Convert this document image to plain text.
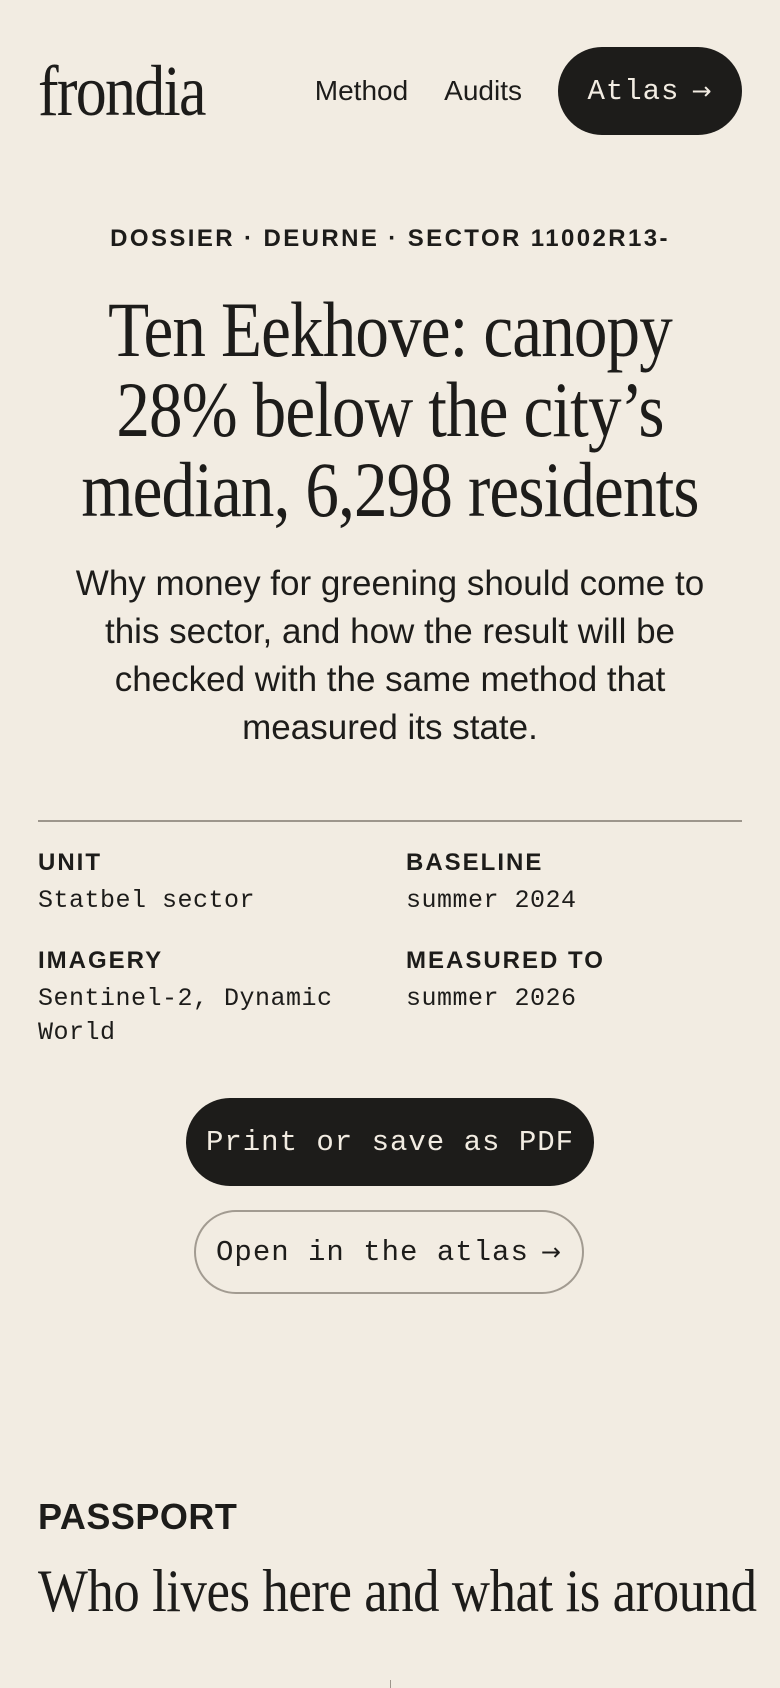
frondia	Method Audits Atlas →
DOSSIER · DEURNE · SECTOR 11002R13-
Ten Eekhove: canopy
28% below the city’s
median, 6,298 residents

Why money for greening should come to this sector, and how the result will be checked with the same method that measured its state.

UNIT
Statbel sector
BASELINE
summer 2024
IMAGERY
Sentinel-2, Dynamic World
MEASURED TO
summer 2026
Print or save as PDF
Open in the atlas →
PASSPORT
Who lives here and what is around
